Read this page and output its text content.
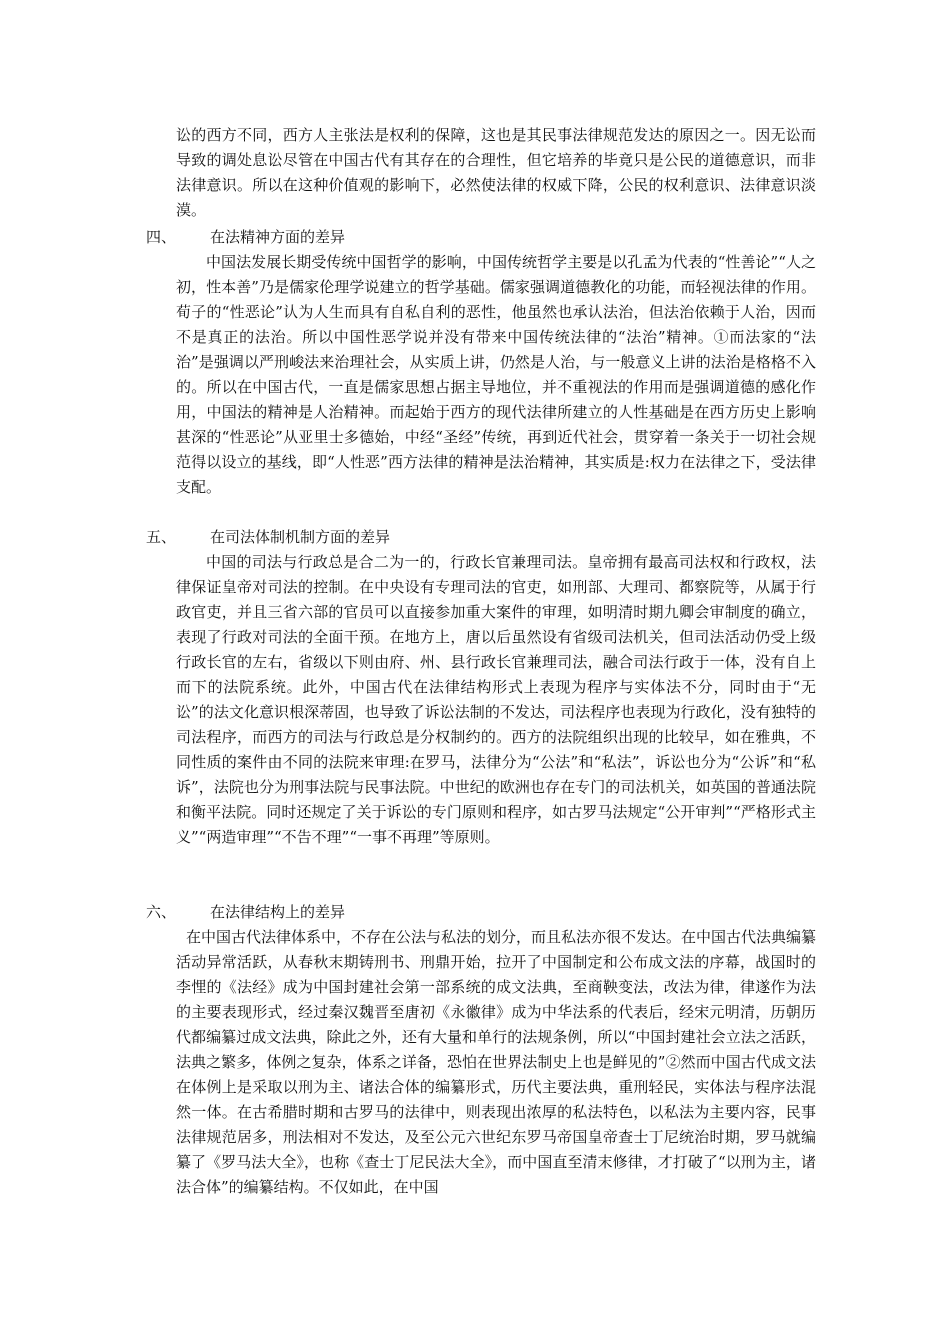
讼的西方不同，西方人主张法是权利的保障，这也是其民事法律规范发达的原因之一。因无讼而导致的调处息讼尽管在中国古代有其存在的合理性，但它培养的毕竟只是公民的道德意识，而非法律意识。所以在这种价值观的影响下，必然使法律的权威下降，公民的权利意识、法律意识淡漠。
四、 在法精神方面的差异
中国法发展长期受传统中国哲学的影响，中国传统哲学主要是以孔孟为代表的“性善论”“人之初，性本善”乃是儒家伦理学说建立的哲学基础。儒家强调道德教化的功能，而轻视法律的作用。荀子的“性恶论”认为人生而具有自私自利的恶性，他虽然也承认法治，但法治依赖于人治，因而不是真正的法治。所以中国性恶学说并没有带来中国传统法律的“法治”精神。①而法家的“法治”是强调以严刑峻法来治理社会，从实质上讲，仍然是人治，与一般意义上讲的法治是格格不入的。所以在中国古代，一直是儒家思想占据主导地位，并不重视法的作用而是强调道德的感化作用，中国法的精神是人治精神。而起始于西方的现代法律所建立的人性基础是在西方历史上影响甚深的“性恶论”从亚里士多德始，中经“圣经”传统，再到近代社会，贯穿着一条关于一切社会规范得以设立的基线，即“人性恶”西方法律的精神是法治精神，其实质是:权力在法律之下，受法律支配。
五、 在司法体制机制方面的差异
中国的司法与行政总是合二为一的，行政长官兼理司法。皇帝拥有最高司法权和行政权，法律保证皇帝对司法的控制。在中央设有专理司法的官吏，如刑部、大理司、都察院等，从属于行政官吏，并且三省六部的官员可以直接参加重大案件的审理，如明清时期九卿会审制度的确立，表现了行政对司法的全面干预。在地方上，唐以后虽然设有省级司法机关，但司法活动仍受上级行政长官的左右，省级以下则由府、州、县行政长官兼理司法，融合司法行政于一体，没有自上而下的法院系统。此外，中国古代在法律结构形式上表现为程序与实体法不分，同时由于“无讼”的法文化意识根深蒂固，也导致了诉讼法制的不发达，司法程序也表现为行政化，没有独特的司法程序，而西方的司法与行政总是分权制约的。西方的法院组织出现的比较早，如在雅典，不同性质的案件由不同的法院来审理:在罗马，法律分为“公法”和“私法”，诉讼也分为“公诉”和“私诉”，法院也分为刑事法院与民事法院。中世纪的欧洲也存在专门的司法机关，如英国的普通法院和衡平法院。同时还规定了关于诉讼的专门原则和程序，如古罗马法规定“公开审判”“严格形式主义”“两造审理”“不告不理”“一事不再理”等原则。
六、 在法律结构上的差异
在中国古代法律体系中，不存在公法与私法的划分，而且私法亦很不发达。在中国古代法典编纂活动异常活跃，从春秋末期铸刑书、刑鼎开始，拉开了中国制定和公布成文法的序幕，战国时的李悝的《法经》成为中国封建社会第一部系统的成文法典，至商鞅变法，改法为律，律遂作为法的主要表现形式，经过秦汉魏晋至唐初《永徽律》成为中华法系的代表后，经宋元明清，历朝历代都编纂过成文法典，除此之外，还有大量和单行的法规条例，所以“中国封建社会立法之活跃，法典之繁多，体例之复杂，体系之详备，恐怕在世界法制史上也是鲜见的”②然而中国古代成文法在体例上是采取以刑为主、诸法合体的编纂形式，历代主要法典，重刑轻民，实体法与程序法混然一体。在古希腊时期和古罗马的法律中，则表现出浓厚的私法特色，以私法为主要内容，民事法律规范居多，刑法相对不发达，及至公元六世纪东罗马帝国皇帝查士丁尼统治时期，罗马就编纂了《罗马法大全》，也称《查士丁尼民法大全》，而中国直至清末修律，才打破了“以刑为主，诸法合体”的编纂结构。不仅如此，在中国
